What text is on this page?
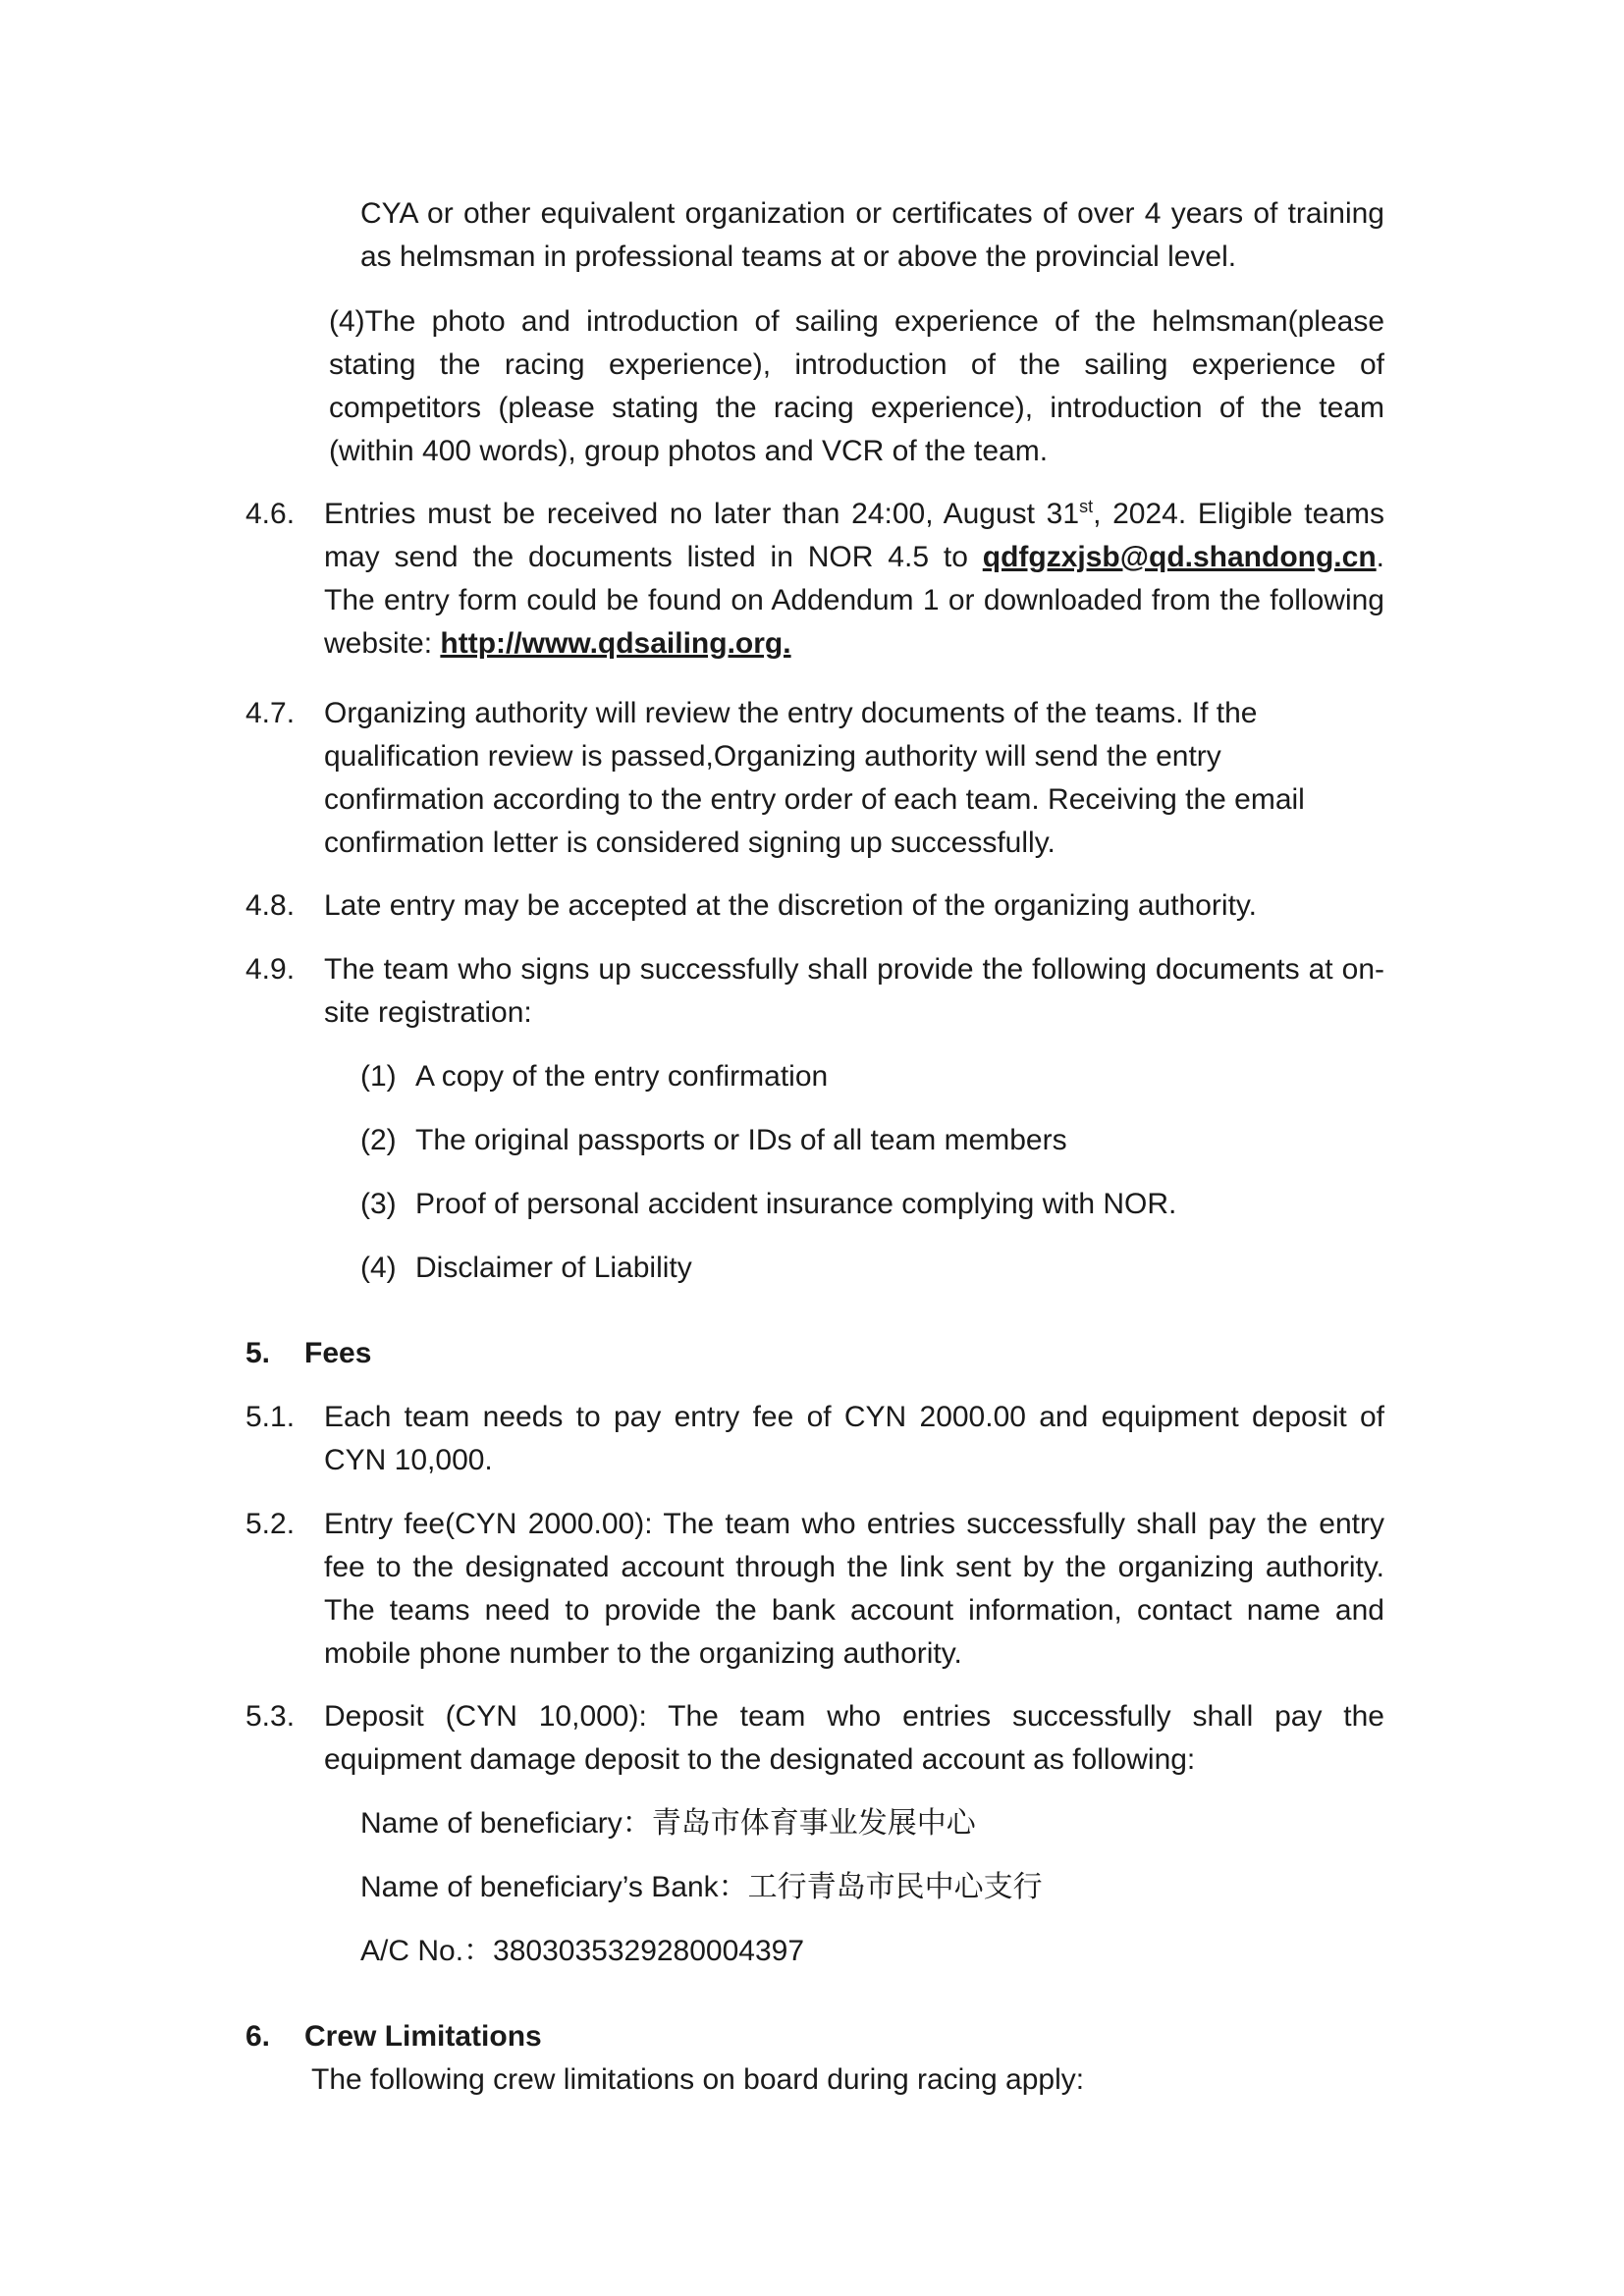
CYA or other equivalent organization or certificates of over 4 years of training as helmsman in professional teams at or above the provincial level.
(4)The photo and introduction of sailing experience of the helmsman(please stating the racing experience), introduction of the sailing experience of competitors (please stating the racing experience), introduction of the team (within 400 words), group photos and VCR of the team.
4.6. Entries must be received no later than 24:00, August 31st, 2024. Eligible teams may send the documents listed in NOR 4.5 to qdfgzxjsb@qd.shandong.cn. The entry form could be found on Addendum 1 or downloaded from the following website: http://www.qdsailing.org.
4.7. Organizing authority will review the entry documents of the teams. If the qualification review is passed,Organizing authority will send the entry confirmation according to the entry order of each team. Receiving the email confirmation letter is considered signing up successfully.
4.8. Late entry may be accepted at the discretion of the organizing authority.
4.9. The team who signs up successfully shall provide the following documents at on-site registration:
(1) A copy of the entry confirmation
(2) The original passports or IDs of all team members
(3) Proof of personal accident insurance complying with NOR.
(4) Disclaimer of Liability
5. Fees
5.1. Each team needs to pay entry fee of CYN 2000.00 and equipment deposit of CYN 10,000.
5.2. Entry fee(CYN 2000.00): The team who entries successfully shall pay the entry fee to the designated account through the link sent by the organizing authority. The teams need to provide the bank account information, contact name and mobile phone number to the organizing authority.
5.3. Deposit (CYN 10,000): The team who entries successfully shall pay the equipment damage deposit to the designated account as following:
Name of beneficiary：青岛市体育事业发展中心
Name of beneficiary’s Bank：工行青岛市民中心支行
A/C No.：3803035329280004397
6. Crew Limitations
The following crew limitations on board during racing apply:
